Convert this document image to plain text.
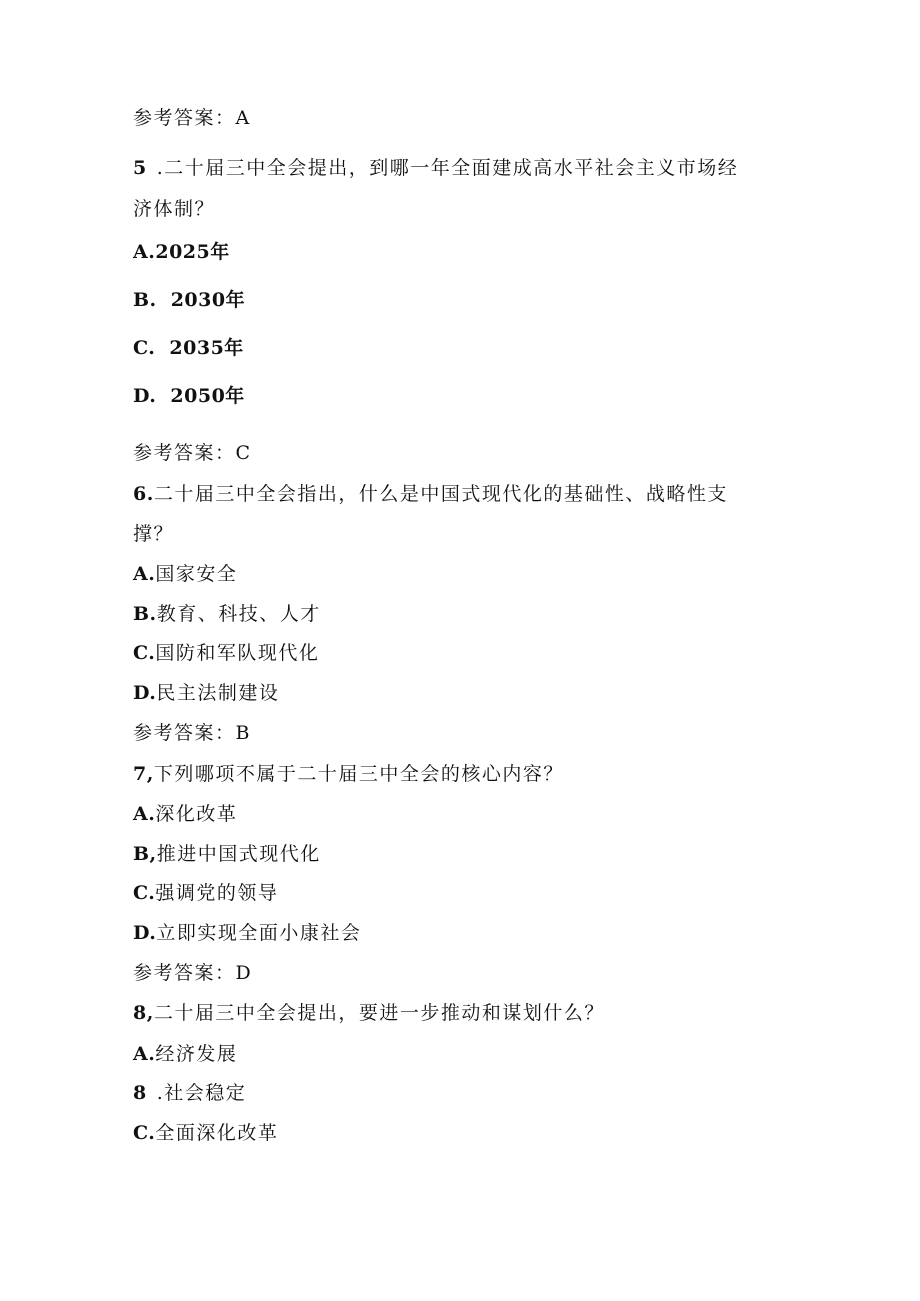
参考答案：A
5 .二十届三中全会提出，到哪一年全面建成高水平社会主义市场经
济体制？
A.2025年
B. 2030年
C. 2035年
D. 2050年
参考答案：C
6.二十届三中全会指出，什么是中国式现代化的基础性、战略性支
撑？
A.国家安全
B.教育、科技、人才
C.国防和军队现代化
D.民主法制建设
参考答案：B
7,下列哪项不属于二十届三中全会的核心内容？
A.深化改革
B,推进中国式现代化
C.强调党的领导
D.立即实现全面小康社会
参考答案：D
8,二十届三中全会提出，要进一步推动和谋划什么？
A.经济发展
8 .社会稳定
C.全面深化改革
